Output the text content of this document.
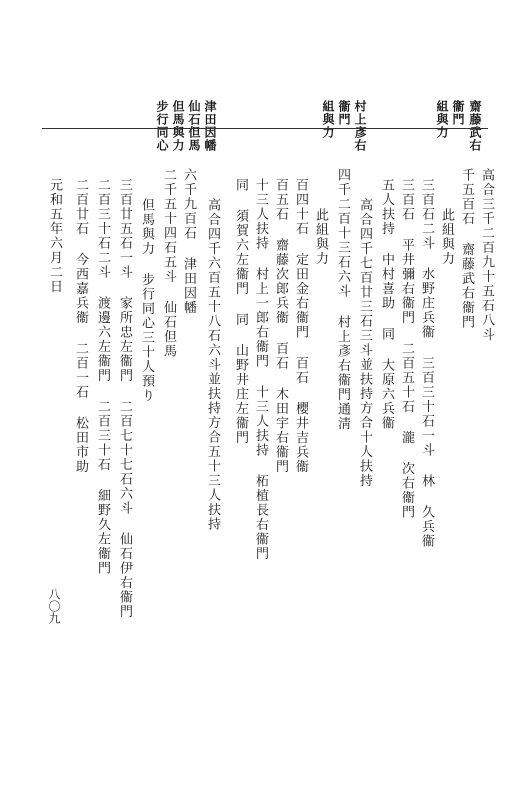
齋藤武右

衞門

組與力

村上彥右

衞門

組與力

津田因幡

仙石但馬

但馬與力

步行同心

高合三千二百九十五石八斗
千五百石 齋藤武右衞門
此組與力
三百石二斗 水野庄兵衞 三百三十石一斗 林 久兵衞
三百石 平井彌右衞門 二百五十石 瀧 次右衞門
五人扶持 中村喜助 同 大原六兵衞
高合四千七百廿三石三斗並扶持方合十人扶持
四千二百十三石六斗 村上彥右衞門通淸
此組與力
百四十石 定田金右衞門 百石 櫻井吉兵衞
百五石 齋藤次郎兵衞 百石 木田宇右衞門
十三人扶持 村上一郎右衞門 十三人扶持 柘植長右衞門
同 須賀六左衞門 同 山野井庄左衞門
高合四千六百五十八石六斗並扶持方合五十三人扶持
六千九百石 津田因幡
二千五十四石五斗 仙石但馬
但馬與力 步行同心三十人預り
三百廿五石一斗 家所忠左衞門 二百七十七石六斗 仙石伊右衞門
二百三十石二斗 渡邊六左衞門 二百三十石 細野久左衞門
二百廿石 今西嘉兵衞 二百一石 松田市助
元和五年六月二日
八〇九
